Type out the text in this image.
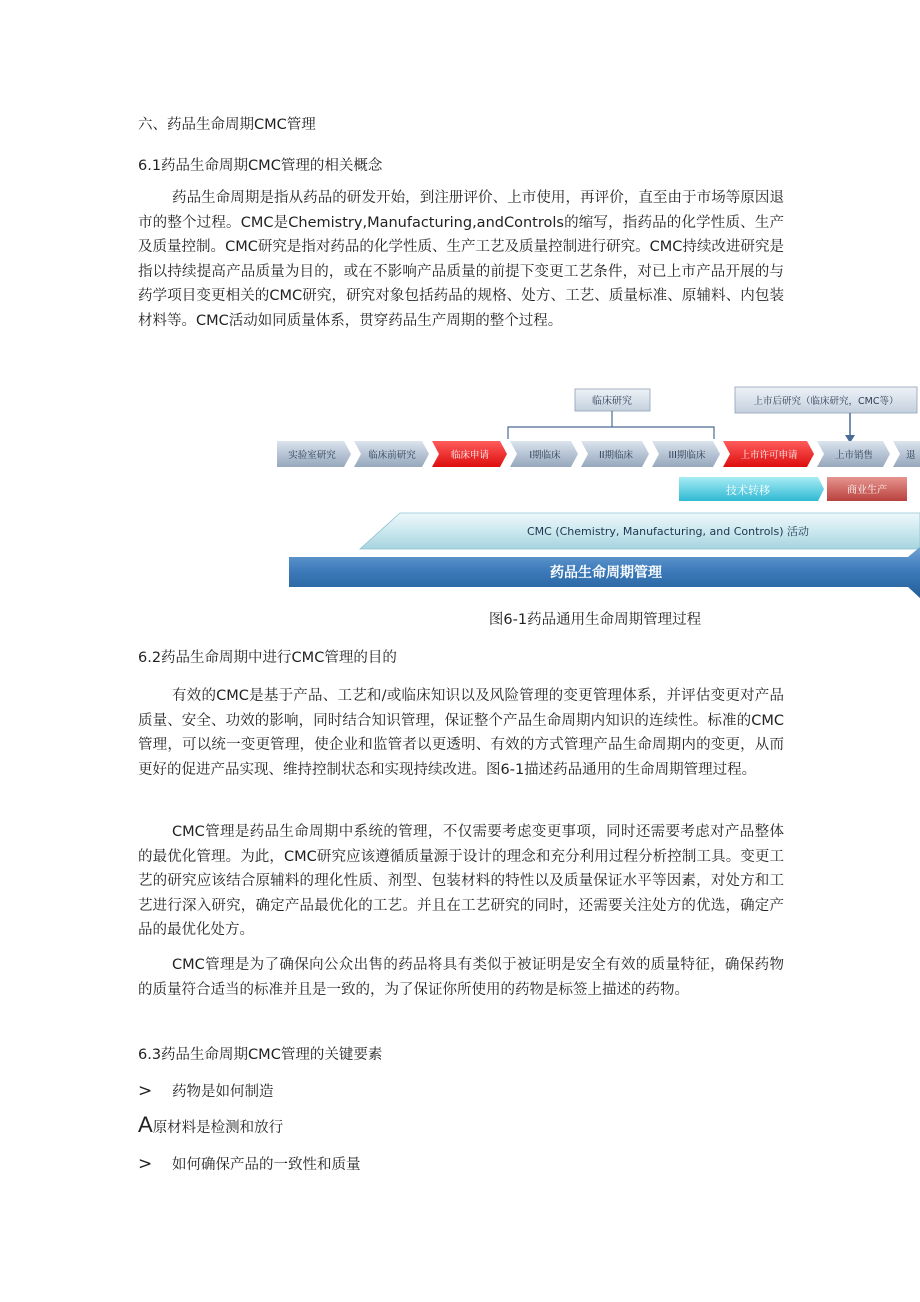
六、药品生命周期CMC管理
6.1药品生命周期CMC管理的相关概念

药品生命周期是指从药品的研发开始，到注册评价、上市使用，再评价，直至由于市场等原因退市的整个过程。CMC是Chemistry,Manufacturing,andControls的缩写，指药品的化学性质、生产及质量控制。CMC研究是指对药品的化学性质、生产工艺及质量控制进行研究。CMC持续改进研究是指以持续提高产品质量为目的，或在不影响产品质量的前提下变更工艺条件，对已上市产品开展的与药学项目变更相关的CMC研究，研究对象包括药品的规格、处方、工艺、质量标准、原辅料、内包装材料等。CMC活动如同质量体系，贯穿药品生产周期的整个过程。

临床研究	上市后研究（临床研究，CMC等）
实验室研究	临床前研究	临床申请	I期临床	II期临床	III期临床	上市许可申请	上市销售	退
技术转移	商业生产
CMC (Chemistry, Manufacturing, and Controls) 活动
药品生命周期管理
图6-1药品通用生命周期管理过程
6.2药品生命周期中进行CMC管理的目的

有效的CMC是基于产品、工艺和/或临床知识以及风险管理的变更管理体系，并评估变更对产品质量、安全、功效的影响，同时结合知识管理，保证整个产品生命周期内知识的连续性。标准的CMC管理，可以统一变更管理，使企业和监管者以更透明、有效的方式管理产品生命周期内的变更，从而更好的促进产品实现、维持控制状态和实现持续改进。图6-1描述药品通用的生命周期管理过程。

CMC管理是药品生命周期中系统的管理，不仅需要考虑变更事项，同时还需要考虑对产品整体的最优化管理。为此，CMC研究应该遵循质量源于设计的理念和充分利用过程分析控制工具。变更工艺的研究应该结合原辅料的理化性质、剂型、包装材料的特性以及质量保证水平等因素，对处方和工艺进行深入研究，确定产品最优化的工艺。并且在工艺研究的同时，还需要关注处方的优选，确定产品的最优化处方。

CMC管理是为了确保向公众出售的药品将具有类似于被证明是安全有效的质量特征，确保药物的质量符合适当的标准并且是一致的，为了保证你所使用的药物是标签上描述的药物。

6.3药品生命周期CMC管理的关键要素
> 药物是如何制造
A原材料是检测和放行
> 如何确保产品的一致性和质量
